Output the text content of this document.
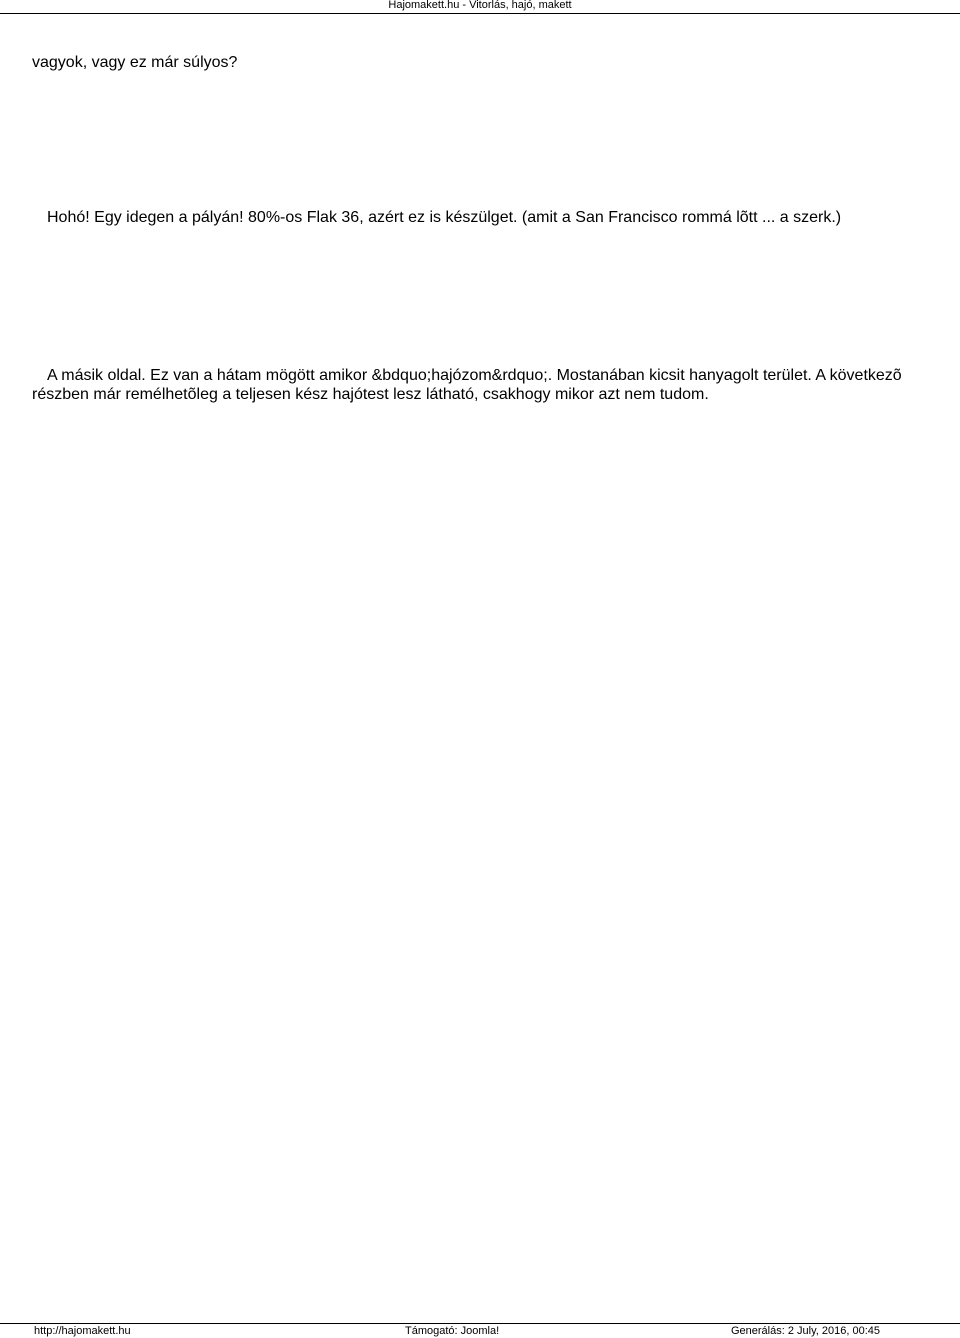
Hajomakett.hu - Vitorlás, hajó, makett

vagyok, vagy ez már súlyos?

Hohó! Egy idegen a pályán! 80%-os Flak 36, azért ez is készülget. (amit a San Francisco rommá lõtt ... a szerk.)

A másik oldal. Ez van a hátam mögött amikor &bdquo;hajózom&rdquo;. Mostanában kicsit hanyagolt terület. A következõ részben már remélhetõleg a teljesen kész hajótest lesz látható, csakhogy mikor azt nem tudom.

http://hajomakett.hu	Támogató: Joomla!	Generálás: 2 July, 2016, 00:45
